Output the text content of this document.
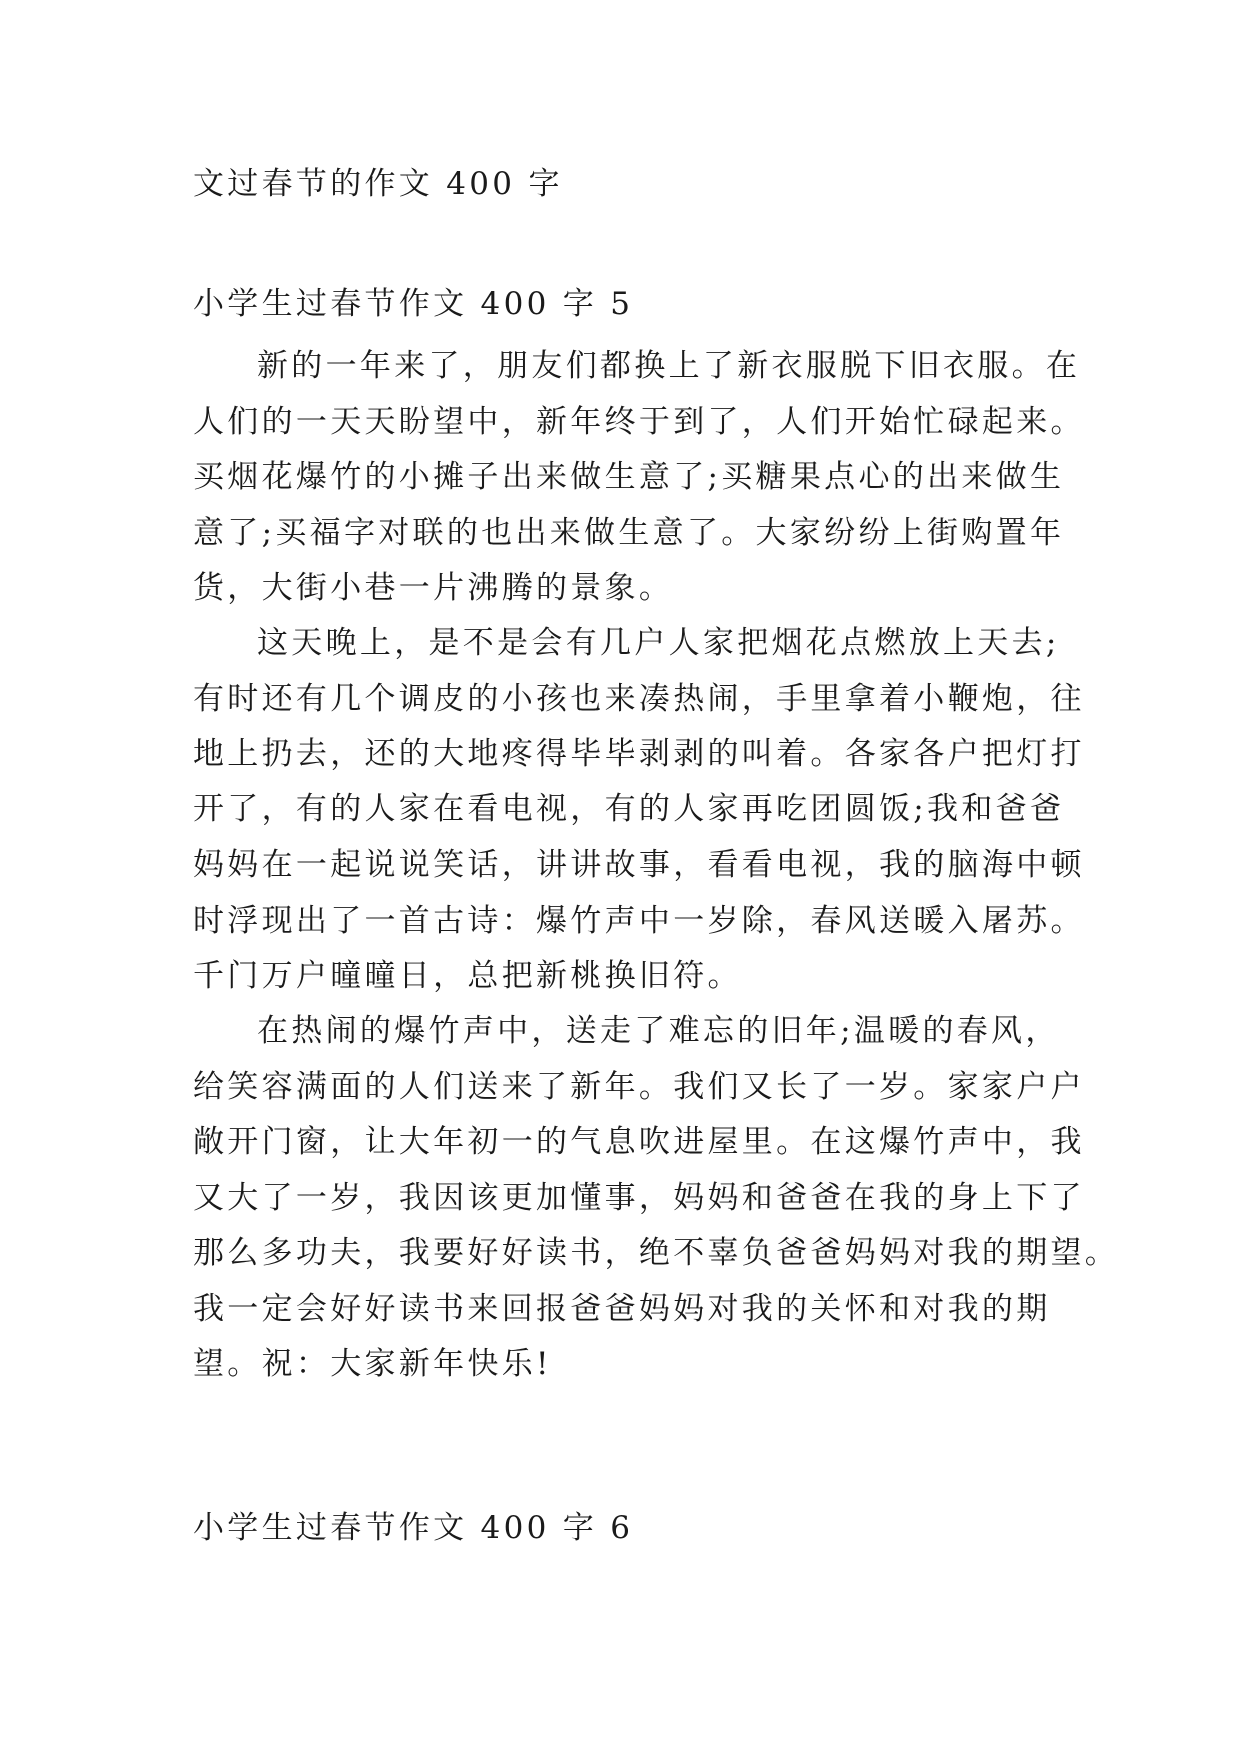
文过春节的作文 400 字
小学生过春节作文 400 字 5
新的一年来了，朋友们都换上了新衣服脱下旧衣服。在
人们的一天天盼望中，新年终于到了，人们开始忙碌起来。
买烟花爆竹的小摊子出来做生意了;买糖果点心的出来做生
意了;买福字对联的也出来做生意了。大家纷纷上街购置年
货，大街小巷一片沸腾的景象。
这天晚上，是不是会有几户人家把烟花点燃放上天去;
有时还有几个调皮的小孩也来凑热闹，手里拿着小鞭炮，往
地上扔去，还的大地疼得毕毕剥剥的叫着。各家各户把灯打
开了，有的人家在看电视，有的人家再吃团圆饭;我和爸爸
妈妈在一起说说笑话，讲讲故事，看看电视，我的脑海中顿
时浮现出了一首古诗：爆竹声中一岁除，春风送暖入屠苏。
千门万户曈曈日，总把新桃换旧符。
在热闹的爆竹声中，送走了难忘的旧年;温暖的春风，
给笑容满面的人们送来了新年。我们又长了一岁。家家户户
敞开门窗，让大年初一的气息吹进屋里。在这爆竹声中，我
又大了一岁，我因该更加懂事，妈妈和爸爸在我的身上下了
那么多功夫，我要好好读书，绝不辜负爸爸妈妈对我的期望。
我一定会好好读书来回报爸爸妈妈对我的关怀和对我的期
望。祝：大家新年快乐!
小学生过春节作文 400 字 6
